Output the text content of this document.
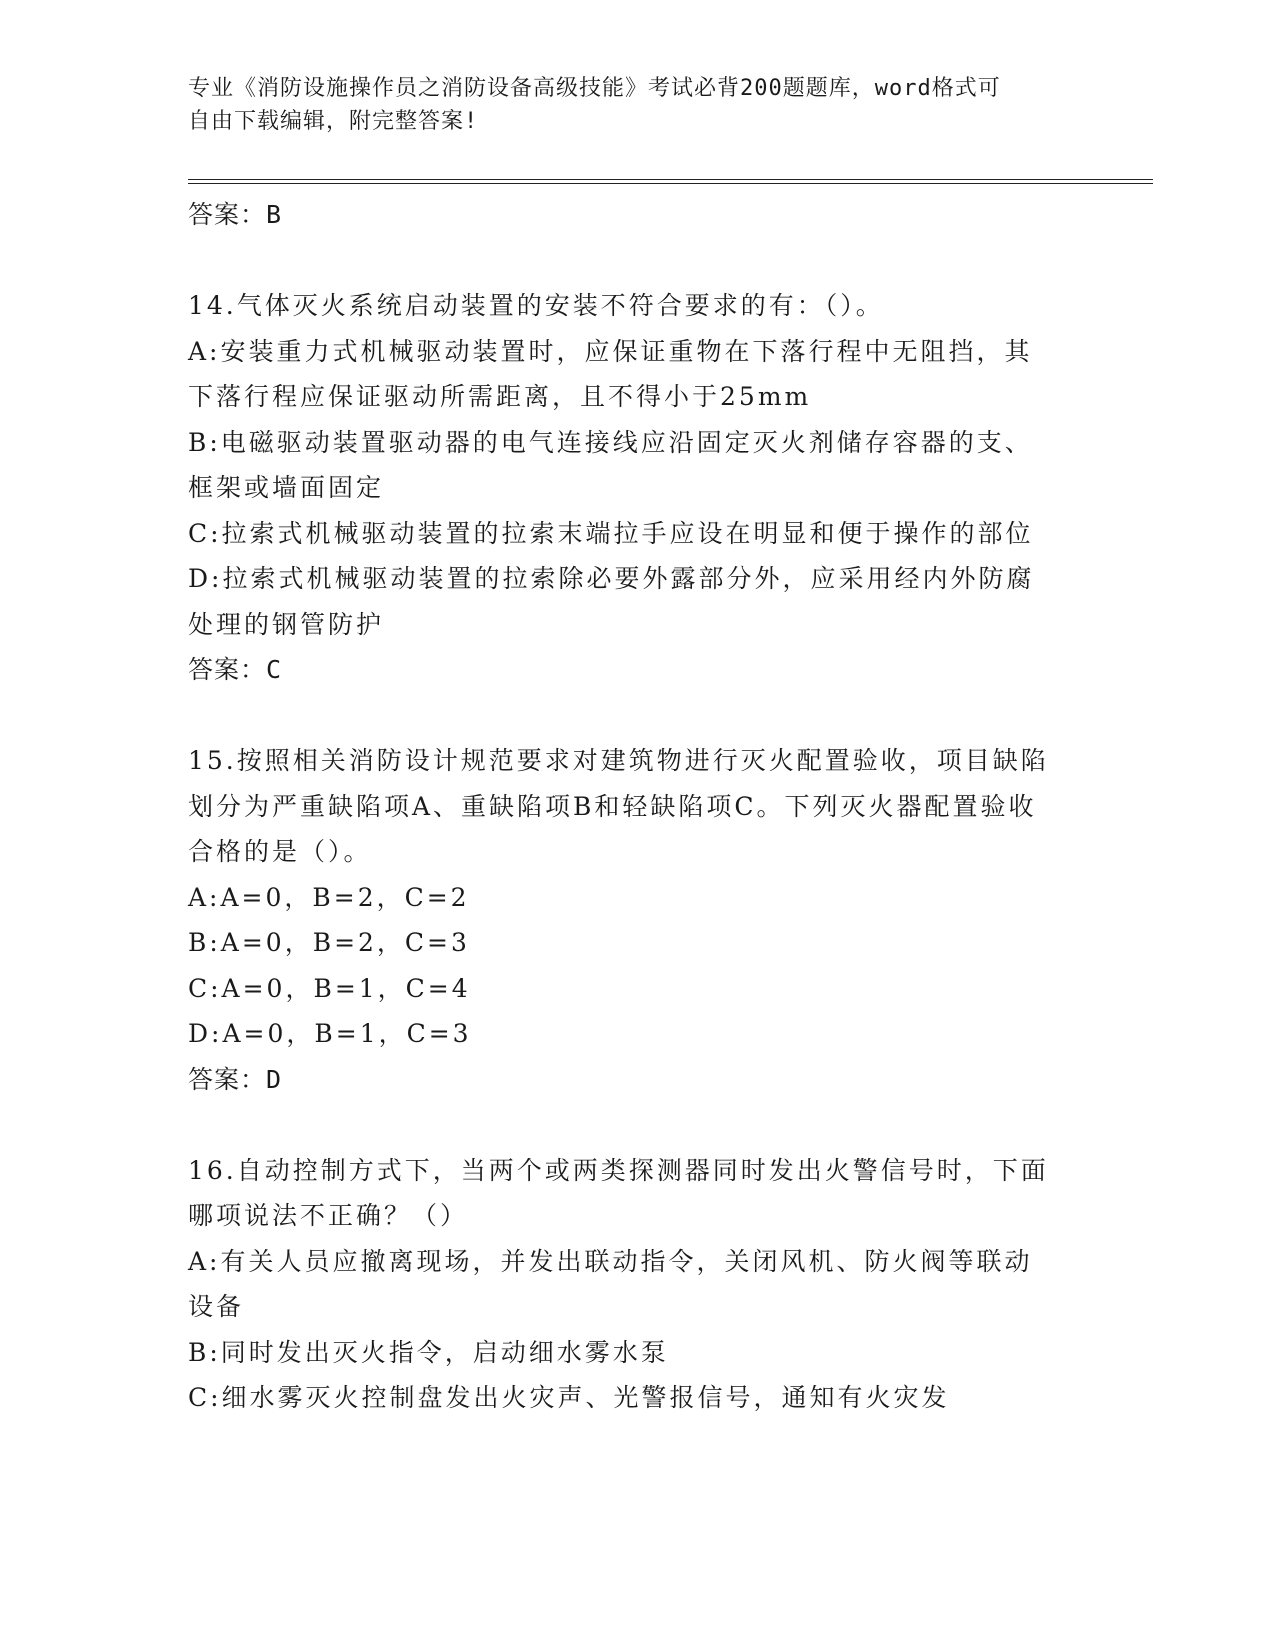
专业《消防设施操作员之消防设备高级技能》考试必背200题题库，word格式可
自由下载编辑，附完整答案!
答案：B
14.气体灭火系统启动装置的安装不符合要求的有：（）。
A:安装重力式机械驱动装置时，应保证重物在下落行程中无阻挡，其
下落行程应保证驱动所需距离，且不得小于25mm
B:电磁驱动装置驱动器的电气连接线应沿固定灭火剂储存容器的支、
框架或墙面固定
C:拉索式机械驱动装置的拉索末端拉手应设在明显和便于操作的部位
D:拉索式机械驱动装置的拉索除必要外露部分外，应采用经内外防腐
处理的钢管防护
答案：C
15.按照相关消防设计规范要求对建筑物进行灭火配置验收，项目缺陷
划分为严重缺陷项A、重缺陷项B和轻缺陷项C。下列灭火器配置验收
合格的是（）。
A:A=0，B=2，C=2
B:A=0，B=2，C=3
C:A=0，B=1，C=4
D:A=0，B=1，C=3
答案：D
16.自动控制方式下，当两个或两类探测器同时发出火警信号时，下面
哪项说法不正确？（）
A:有关人员应撤离现场，并发出联动指令，关闭风机、防火阀等联动
设备
B:同时发出灭火指令，启动细水雾水泵
C:细水雾灭火控制盘发出火灾声、光警报信号，通知有火灾发
